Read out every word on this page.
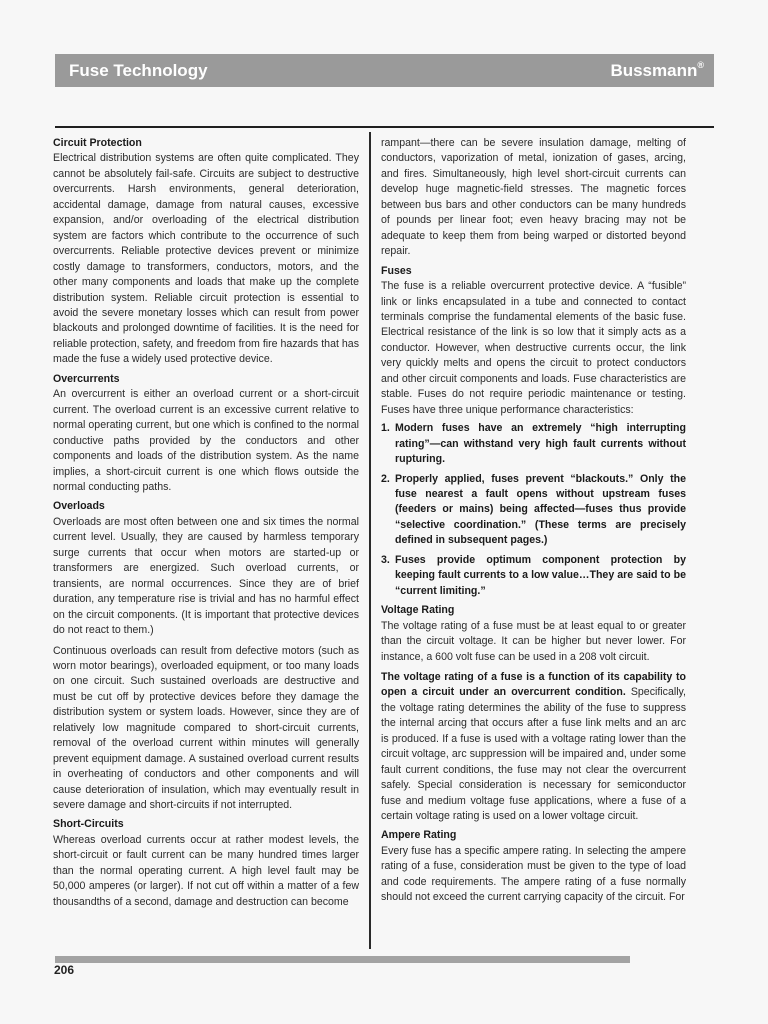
Fuse Technology	Bussmann®
Circuit Protection

Electrical distribution systems are often quite complicated. They cannot be absolutely fail-safe. Circuits are subject to destructive overcurrents. Harsh environments, general deterioration, accidental damage, damage from natural causes, excessive expansion, and/or overloading of the electrical distribution system are factors which contribute to the occurrence of such overcurrents. Reliable protective devices prevent or minimize costly damage to transformers, conductors, motors, and the other many components and loads that make up the complete distribution system. Reliable circuit protection is essential to avoid the severe monetary losses which can result from power blackouts and prolonged downtime of facilities. It is the need for reliable protection, safety, and freedom from fire hazards that has made the fuse a widely used protective device.

Overcurrents

An overcurrent is either an overload current or a short-circuit current. The overload current is an excessive current relative to normal operating current, but one which is confined to the normal conductive paths provided by the conductors and other components and loads of the distribution system. As the name implies, a short-circuit current is one which flows outside the normal conducting paths.

Overloads

Overloads are most often between one and six times the normal current level. Usually, they are caused by harmless temporary surge currents that occur when motors are started-up or transformers are energized. Such overload currents, or transients, are normal occurrences. Since they are of brief duration, any temperature rise is trivial and has no harmful effect on the circuit components. (It is important that protective devices do not react to them.)

Continuous overloads can result from defective motors (such as worn motor bearings), overloaded equipment, or too many loads on one circuit. Such sustained overloads are destructive and must be cut off by protective devices before they damage the distribution system or system loads. However, since they are of relatively low magnitude compared to short-circuit currents, removal of the overload current within minutes will generally prevent equipment damage. A sustained overload current results in overheating of conductors and other components and will cause deterioration of insulation, which may eventually result in severe damage and short-circuits if not interrupted.

Short-Circuits

Whereas overload currents occur at rather modest levels, the short-circuit or fault current can be many hundred times larger than the normal operating current. A high level fault may be 50,000 amperes (or larger). If not cut off within a matter of a few thousandths of a second, damage and destruction can become

rampant—there can be severe insulation damage, melting of conductors, vaporization of metal, ionization of gases, arcing, and fires. Simultaneously, high level short-circuit currents can develop huge magnetic-field stresses. The magnetic forces between bus bars and other conductors can be many hundreds of pounds per linear foot; even heavy bracing may not be adequate to keep them from being warped or distorted beyond repair.

Fuses

The fuse is a reliable overcurrent protective device. A “fusible” link or links encapsulated in a tube and connected to contact terminals comprise the fundamental elements of the basic fuse. Electrical resistance of the link is so low that it simply acts as a conductor. However, when destructive currents occur, the link very quickly melts and opens the circuit to protect conductors and other circuit components and loads. Fuse characteristics are stable. Fuses do not require periodic maintenance or testing. Fuses have three unique performance characteristics:

1. Modern fuses have an extremely “high interrupting rating”—can withstand very high fault currents without rupturing.
2. Properly applied, fuses prevent “blackouts.” Only the fuse nearest a fault opens without upstream fuses (feeders or mains) being affected—fuses thus provide “selective coordination.” (These terms are precisely defined in subsequent pages.)
3. Fuses provide optimum component protection by keeping fault currents to a low value…They are said to be “current limiting.”
Voltage Rating

The voltage rating of a fuse must be at least equal to or greater than the circuit voltage. It can be higher but never lower. For instance, a 600 volt fuse can be used in a 208 volt circuit.

The voltage rating of a fuse is a function of its capability to open a circuit under an overcurrent condition. Specifically, the voltage rating determines the ability of the fuse to suppress the internal arcing that occurs after a fuse link melts and an arc is produced. If a fuse is used with a voltage rating lower than the circuit voltage, arc suppression will be impaired and, under some fault current conditions, the fuse may not clear the overcurrent safely. Special consideration is necessary for semiconductor fuse and medium voltage fuse applications, where a fuse of a certain voltage rating is used on a lower voltage circuit.

Ampere Rating

Every fuse has a specific ampere rating. In selecting the ampere rating of a fuse, consideration must be given to the type of load and code requirements. The ampere rating of a fuse normally should not exceed the current carrying capacity of the circuit. For

206
